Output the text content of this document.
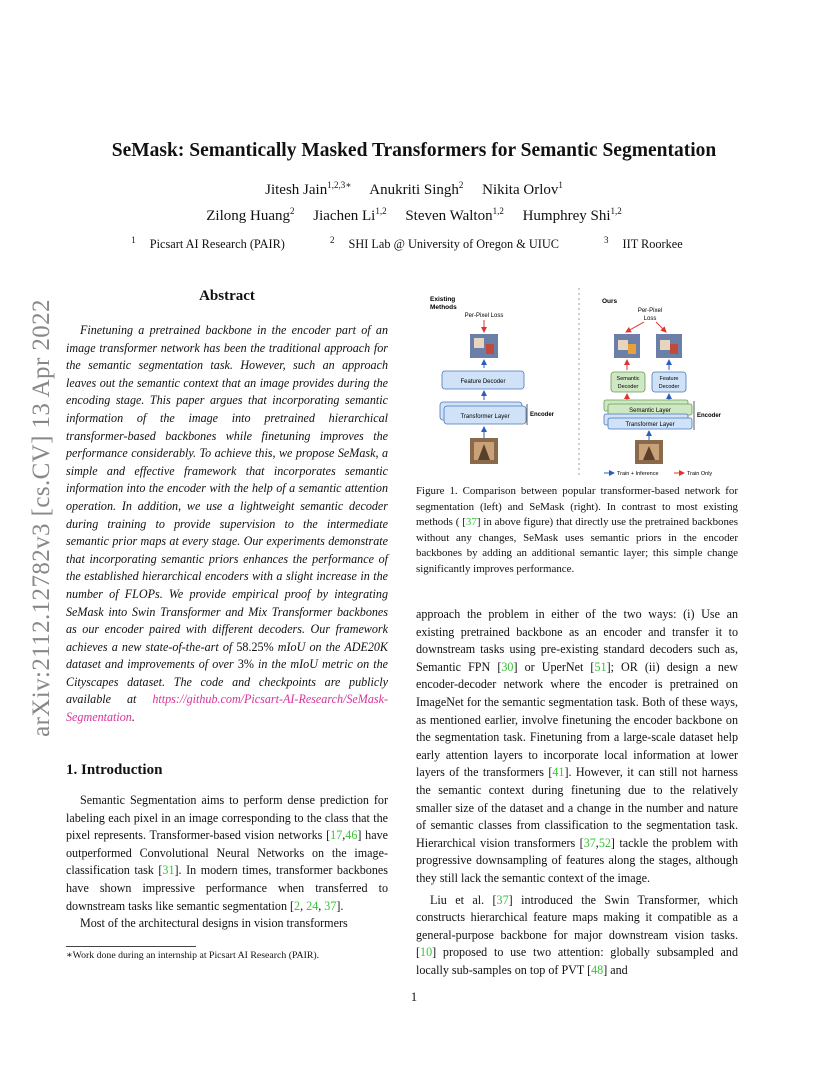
SeMask: Semantically Masked Transformers for Semantic Segmentation
Jitesh Jain$^{1,2,3∗}$ Anukriti Singh$^2$ Nikita Orlov$^1$
Zilong Huang$^2$ Jiachen Li$^{1,2}$ Steven Walton$^{1,2}$ Humphrey Shi$^{1,2}$
$^1$ Picsart AI Research (PAIR)	$^2$ SHI Lab @ University of Oregon & UIUC	$^3$ IIT Roorkee
arXiv:2112.12782v3 [cs.CV] 13 Apr 2022
Abstract
Finetuning a pretrained backbone in the encoder part of an image transformer network has been the traditional approach for the semantic segmentation task. However, such an approach leaves out the semantic context that an image provides during the encoding stage. This paper argues that incorporating semantic information of the image into pretrained hierarchical transformer-based backbones while finetuning improves the performance considerably. To achieve this, we propose SeMask, a simple and effective framework that incorporates semantic information into the encoder with the help of a semantic attention operation. In addition, we use a lightweight semantic decoder during training to provide supervision to the intermediate semantic prior maps at every stage. Our experiments demonstrate that incorporating semantic priors enhances the performance of the established hierarchical encoders with a slight increase in the number of FLOPs. We provide empirical proof by integrating SeMask into Swin Transformer and Mix Transformer backbones as our encoder paired with different decoders. Our framework achieves a new state-of-the-art of 58.25% mIoU on the ADE20K dataset and improvements of over 3% in the mIoU metric on the Cityscapes dataset. The code and checkpoints are publicly available at https://github.com/Picsart-AI-Research/SeMask-Segmentation.
1. Introduction

Semantic Segmentation aims to perform dense prediction for labeling each pixel in an image corresponding to the class that the pixel represents. Transformer-based vision networks [17,46] have outperformed Convolutional Neural Networks on the image-classification task [31]. In modern times, transformer backbones have shown impressive performance when transferred to downstream tasks like semantic segmentation [2, 24, 37].

Most of the architectural designs in vision transformers

∗Work done during an internship at Picsart AI Research (PAIR).
Existing
Methods
Per-Pixel Loss
Feature Decoder
Transformer Layer	Encoder
Ours
Per-Pixel
Loss
Semantic
Decoder
Feature
Decoder
Semantic Layer
Transformer Layer
Encoder
Train + Inference	Train Only
Figure 1. Comparison between popular transformer-based network for segmentation (left) and SeMask (right). In contrast to most existing methods ( [37] in above figure) that directly use the pretrained backbones without any changes, SeMask uses semantic priors in the encoder backbones by adding an additional semantic layer; this simple change significantly improves performance.

approach the problem in either of the two ways: (i) Use an existing pretrained backbone as an encoder and transfer it to downstream tasks using pre-existing standard decoders such as, Semantic FPN [30] or UperNet [51]; OR (ii) design a new encoder-decoder network where the encoder is pretrained on ImageNet for the semantic segmentation task. Both of these ways, as mentioned earlier, involve finetuning the encoder backbone on the segmentation task. Finetuning from a large-scale dataset help early attention layers to incorporate local information at lower layers of the transformers [41]. However, it can still not harness the semantic context during finetuning due to the relatively smaller size of the dataset and a change in the number and nature of semantic classes from classification to the segmentation task. Hierarchical vision transformers [37,52] tackle the problem with progressive downsampling of features along the stages, although they still lack the semantic context of the image.

Liu et al. [37] introduced the Swin Transformer, which constructs hierarchical feature maps making it compatible as a general-purpose backbone for major downstream vision tasks. [10] proposed to use two attention: globally subsampled and locally sub-samples on top of PVT [48] and

1
